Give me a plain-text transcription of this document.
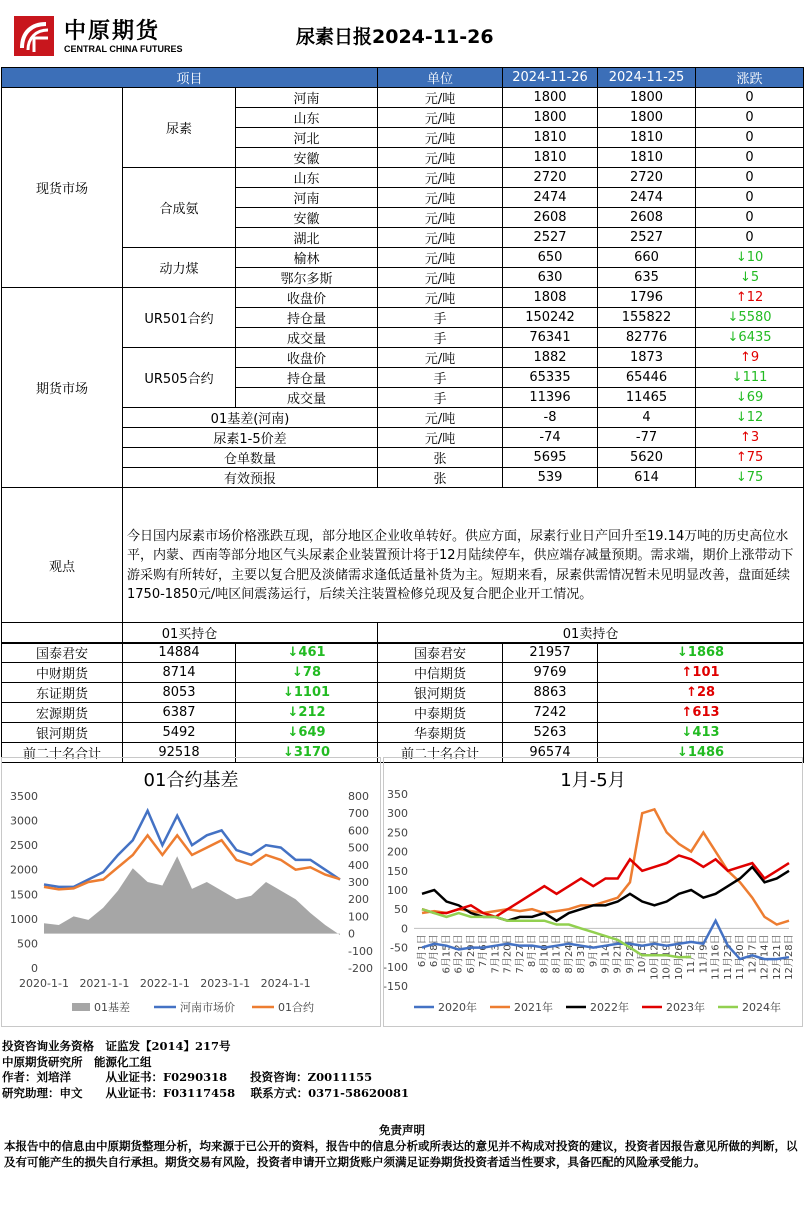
中原期货
CENTRAL CHINA FUTURES
尿素日报2024-11-26
项目			单位	2024-11-26	2024-11-25	涨跌
现货市场	尿素	河南	元/吨	1800	1800	0
		山东	元/吨	1800	1800	0
		河北	元/吨	1810	1810	0
		安徽	元/吨	1810	1810	0
	合成氨	山东	元/吨	2720	2720	0
		河南	元/吨	2474	2474	0
		安徽	元/吨	2608	2608	0
		湖北	元/吨	2527	2527	0
	动力煤	榆林	元/吨	650	660	↓10
		鄂尔多斯	元/吨	630	635	↓5
期货市场	UR501合约	收盘价	元/吨	1808	1796	↑12
		持仓量	手	150242	155822	↓5580
		成交量	手	76341	82776	↓6435
	UR505合约	收盘价	元/吨	1882	1873	↑9
		持仓量	手	65335	65446	↓111
		成交量	手	11396	11465	↓69
	01基差(河南)		元/吨	-8	4	↓12
	尿素1-5价差		元/吨	-74	-77	↑3
	仓单数量		张	5695	5620	↑75
	有效预报		张	539	614	↓75
观点	今日国内尿素市场价格涨跌互现，部分地区企业收单转好。供应方面，尿素行业日产回升至19.14万吨的历史高位水平，内蒙、西南等部分地区气头尿素企业装置预计将于12月陆续停车，供应端存减量预期。需求端，期价上涨带动下游采购有所转好，主要以复合肥及淡储需求逢低适量补货为主。短期来看，尿素供需情况暂未见明显改善，盘面延续1750-1850元/吨区间震荡运行，后续关注装置检修兑现及复合肥企业开工情况。					
01买持仓			01卖持仓		
国泰君安	14884	↓461	国泰君安	21957	↓1868
中财期货	8714	↓78	中信期货	9769	↑101
东证期货	8053	↓1101	银河期货	8863	↑28
宏源期货	6387	↓212	中泰期货	7242	↑613
银河期货	5492	↓649	华泰期货	5263	↓413
前二十名合计	92518	↓3170	前二十名合计	96574	↓1486
01合约基差
0
500
1000
1500
2000
2500
3000
3500
-200
-100
0
100
200
300
400
500
600
700
800
2020-1-1 2021-1-1 2022-1-1 2023-1-1 2024-1-1
01基差	河南市场价	01合约
1月-5月
-150
-100
-50
0
50
100
150
200
250
300
350
6月1日 6月8日 6月15日 6月22日 6月29日 7月6日 7月13日 7月20日 7月27日 8月3日 8月10日 8月17日 8月24日 8月31日 9月7日 9月14日 9月21日 9月28日 10月5日 10月12日 10月19日 10月26日 11月2日 11月9日 11月16日 11月23日 11月30日 12月7日 12月14日 12月21日 12月28日
2020年	2021年	2022年	2023年	2024年
投资咨询业务资格　证监发【2014】217号
中原期货研究所　能源化工组
作者：刘培洋　　　从业证书：F0290318　　投资咨询：Z0011155
研究助理：申文　　从业证书：F03117458　 联系方式：0371-58620081
免责声明
本报告中的信息由中原期货整理分析，均来源于已公开的资料，报告中的信息分析或所表达的意见并不构成对投资的建议，投资者因报告意见所做的判断，以及有可能产生的损失自行承担。期货交易有风险，投资者申请开立期货账户须满足证券期货投资者适当性要求，具备匹配的风险承受能力。
